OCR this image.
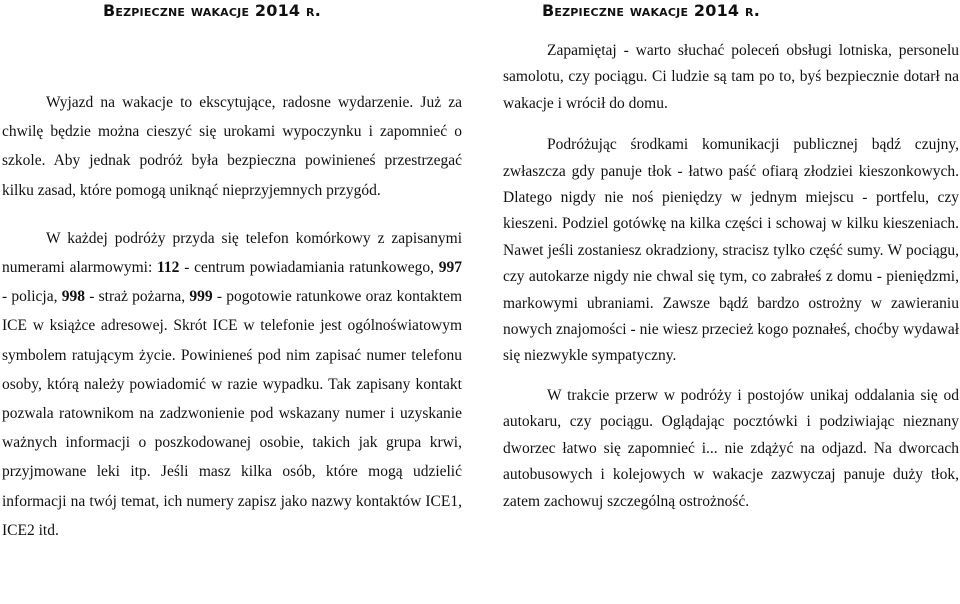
Bezpieczne wakacje 2014 r.	Bezpieczne wakacje 2014 r.

Wyjazd na wakacje to ekscytujące, radosne wydarzenie. Już za chwilę będzie można cieszyć się urokami wypoczynku i zapomnieć o szkole. Aby jednak podróż była bezpieczna powinieneś przestrzegać kilku zasad, które pomogą uniknąć nieprzyjemnych przygód.

W każdej podróży przyda się telefon komórkowy z zapisanymi numerami alarmowymi: 112 - centrum powiadamiania ratunkowego, 997 - policja, 998 - straż pożarna, 999 - pogotowie ratunkowe oraz kontaktem ICE w książce adresowej. Skrót ICE w telefonie jest ogólnoświatowym symbolem ratującym życie. Powinieneś pod nim zapisać numer telefonu osoby, którą należy powiadomić w razie wypadku. Tak zapisany kontakt pozwala ratownikom na zadzwonienie pod wskazany numer i uzyskanie ważnych informacji o poszkodowanej osobie, takich jak grupa krwi, przyjmowane leki itp. Jeśli masz kilka osób, które mogą udzielić informacji na twój temat, ich numery zapisz jako nazwy kontaktów ICE1, ICE2 itd.

Zapamiętaj - warto słuchać poleceń obsługi lotniska, personelu samolotu, czy pociągu. Ci ludzie są tam po to, byś bezpiecznie dotarł na wakacje i wrócił do domu.

Podróżując środkami komunikacji publicznej bądź czujny, zwłaszcza gdy panuje tłok - łatwo paść ofiarą złodziei kieszonkowych. Dlatego nigdy nie noś pieniędzy w jednym miejscu - portfelu, czy kieszeni. Podziel gotówkę na kilka części i schowaj w kilku kieszeniach. Nawet jeśli zostaniesz okradziony, stracisz tylko część sumy. W pociągu, czy autokarze nigdy nie chwal się tym, co zabrałeś z domu - pieniędzmi, markowymi ubraniami. Zawsze bądź bardzo ostrożny w zawieraniu nowych znajomości - nie wiesz przecież kogo poznałeś, choćby wydawał się niezwykle sympatyczny.

W trakcie przerw w podróży i postojów unikaj oddalania się od autokaru, czy pociągu. Oglądając pocztówki i podziwiając nieznany dworzec łatwo się zapomnieć i... nie zdążyć na odjazd. Na dworcach autobusowych i kolejowych w wakacje zazwyczaj panuje duży tłok, zatem zachowuj szczególną ostrożność.
